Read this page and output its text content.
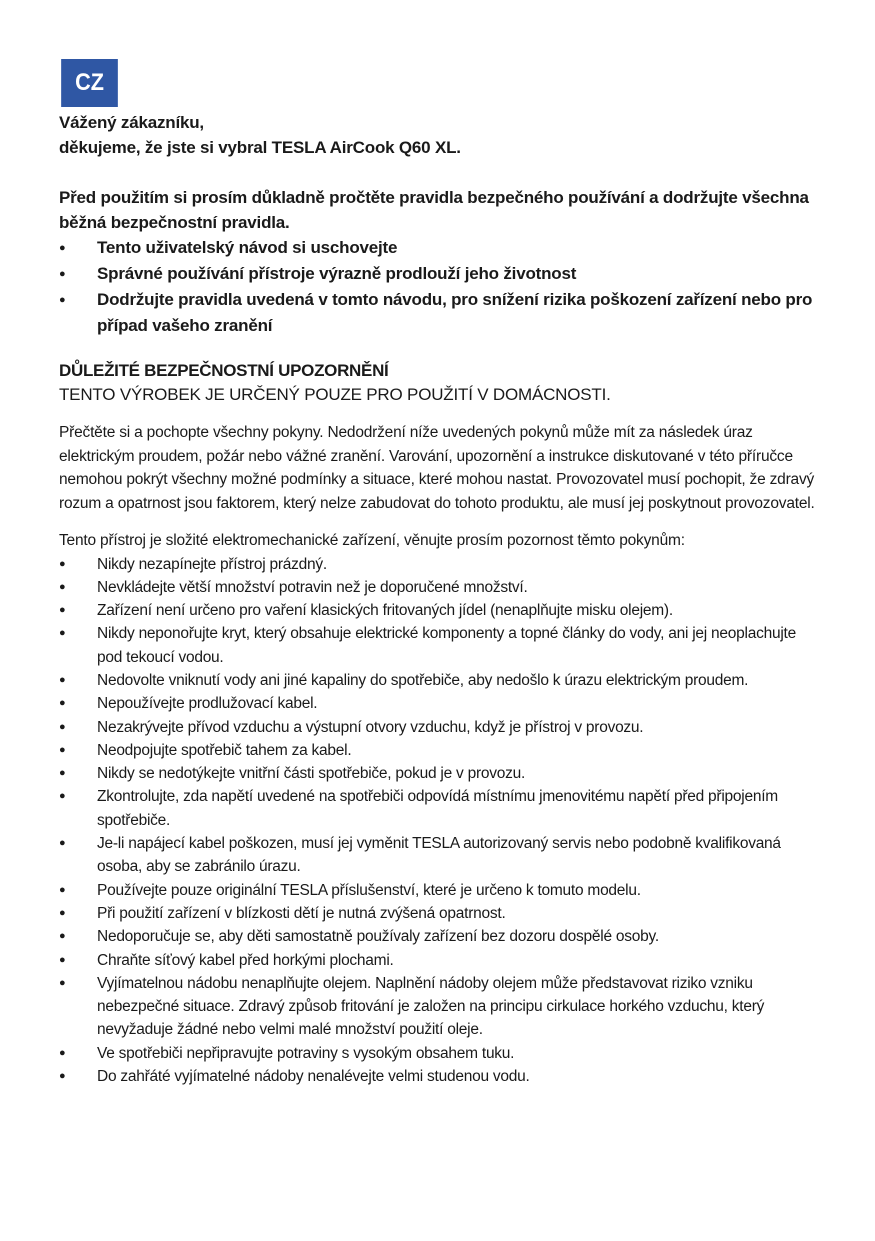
CZ
Vážený zákazníku,
děkujeme, že jste si vybral TESLA AirCook Q60 XL.
Před použitím si prosím důkladně pročtěte pravidla bezpečného používání a dodržujte všechna běžná bezpečnostní pravidla.
● Tento uživatelský návod si uschovejte
● Správné používání přístroje výrazně prodlouží jeho životnost
● Dodržujte pravidla uvedená v tomto návodu, pro snížení rizika poškození zařízení nebo pro případ vašeho zranění
DŮLEŽITÉ BEZPEČNOSTNÍ UPOZORNĚNÍ
TENTO VÝROBEK JE URČENÝ POUZE PRO POUŽITÍ V DOMÁCNOSTI.
Přečtěte si a pochopte všechny pokyny. Nedodržení níže uvedených pokynů může mít za následek úraz elektrickým proudem, požár nebo vážné zranění. Varování, upozornění a instrukce diskutované v této příručce nemohou pokrýt všechny možné podmínky a situace, které mohou nastat. Provozovatel musí pochopit, že zdravý rozum a opatrnost jsou faktorem, který nelze zabudovat do tohoto produktu, ale musí jej poskytnout provozovatel.
Tento přístroj je složité elektromechanické zařízení, věnujte prosím pozornost těmto pokynům:
● Nikdy nezapínejte přístroj prázdný.
● Nevkládejte větší množství potravin než je doporučené množství.
● Zařízení není určeno pro vaření klasických fritovaných jídel (nenaplňujte misku olejem).
● Nikdy neponořujte kryt, který obsahuje elektrické komponenty a topné články do vody, ani jej neoplachujte pod tekoucí vodou.
● Nedovolte vniknutí vody ani jiné kapaliny do spotřebiče, aby nedošlo k úrazu elektrickým proudem.
● Nepoužívejte prodlužovací kabel.
● Nezakrývejte přívod vzduchu a výstupní otvory vzduchu, když je přístroj v provozu.
● Neodpojujte spotřebič tahem za kabel.
● Nikdy se nedotýkejte vnitřní části spotřebiče, pokud je v provozu.
● Zkontrolujte, zda napětí uvedené na spotřebiči odpovídá místnímu jmenovitému napětí před připojením spotřebiče.
● Je-li napájecí kabel poškozen, musí jej vyměnit TESLA autorizovaný servis nebo podobně kvalifikovaná osoba, aby se zabránilo úrazu.
● Používejte pouze originální TESLA příslušenství, které je určeno k tomuto modelu.
● Při použití zařízení v blízkosti dětí je nutná zvýšená opatrnost.
● Nedoporučuje se, aby děti samostatně používaly zařízení bez dozoru dospělé osoby.
● Chraňte síťový kabel před horkými plochami.
● Vyjímatelnou nádobu nenaplňujte olejem. Naplnění nádoby olejem může představovat riziko vzniku nebezpečné situace. Zdravý způsob fritování je založen na principu cirkulace horkého vzduchu, který nevyžaduje žádné nebo velmi malé množství použití oleje.
● Ve spotřebiči nepřipravujte potraviny s vysokým obsahem tuku.
● Do zahřáté vyjímatelné nádoby nenalévejte velmi studenou vodu.
